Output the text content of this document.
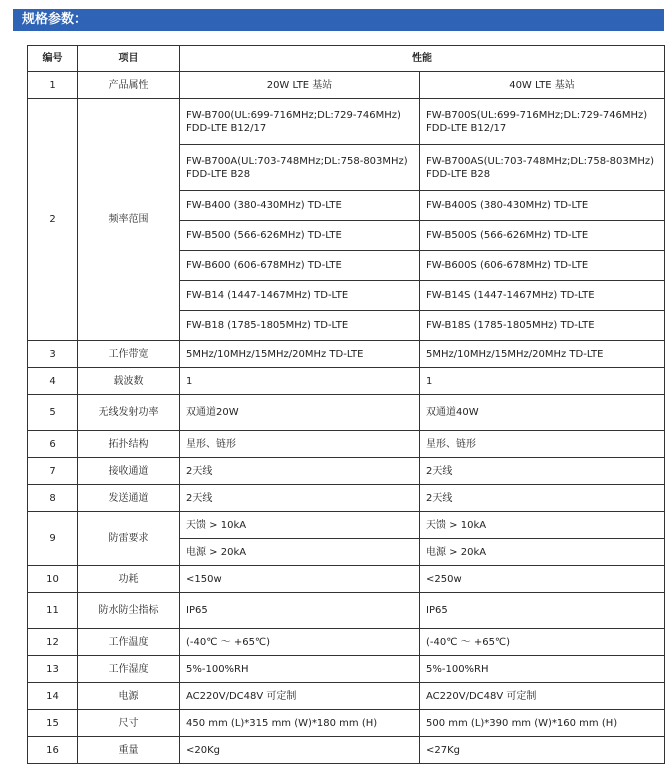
规格参数：
编号	项目	性能	
1	产品属性	20W LTE 基站	40W LTE 基站
2	频率范围	FW-B700(UL:699-716MHz;DL:729-746MHz) FDD-LTE B12/17	FW-B700S(UL:699-716MHz;DL:729-746MHz) FDD-LTE B12/17
		FW-B700A(UL:703-748MHz;DL:758-803MHz) FDD-LTE B28	FW-B700AS(UL:703-748MHz;DL:758-803MHz) FDD-LTE B28
		FW-B400 (380-430MHz) TD-LTE	FW-B400S (380-430MHz) TD-LTE
		FW-B500 (566-626MHz) TD-LTE	FW-B500S (566-626MHz) TD-LTE
		FW-B600 (606-678MHz) TD-LTE	FW-B600S (606-678MHz) TD-LTE
		FW-B14 (1447-1467MHz) TD-LTE	FW-B14S (1447-1467MHz) TD-LTE
		FW-B18 (1785-1805MHz) TD-LTE	FW-B18S (1785-1805MHz) TD-LTE
3	工作带宽	5MHz/10MHz/15MHz/20MHz TD-LTE	5MHz/10MHz/15MHz/20MHz TD-LTE
4	载波数	1	1
5	无线发射功率	双通道20W	双通道40W
6	拓扑结构	星形、链形	星形、链形
7	接收通道	2天线	2天线
8	发送通道	2天线	2天线
9	防雷要求	天馈 > 10kA	天馈 > 10kA
		电源 > 20kA	电源 > 20kA
10	功耗	<150w	<250w
11	防水防尘指标	IP65	IP65
12	工作温度	(-40℃ ～ +65℃)	(-40℃ ～ +65℃)
13	工作湿度	5%-100%RH	5%-100%RH
14	电源	AC220V/DC48V 可定制	AC220V/DC48V 可定制
15	尺寸	450 mm (L)*315 mm (W)*180 mm (H)	500 mm (L)*390 mm (W)*160 mm (H)
16	重量	<20Kg	<27Kg
